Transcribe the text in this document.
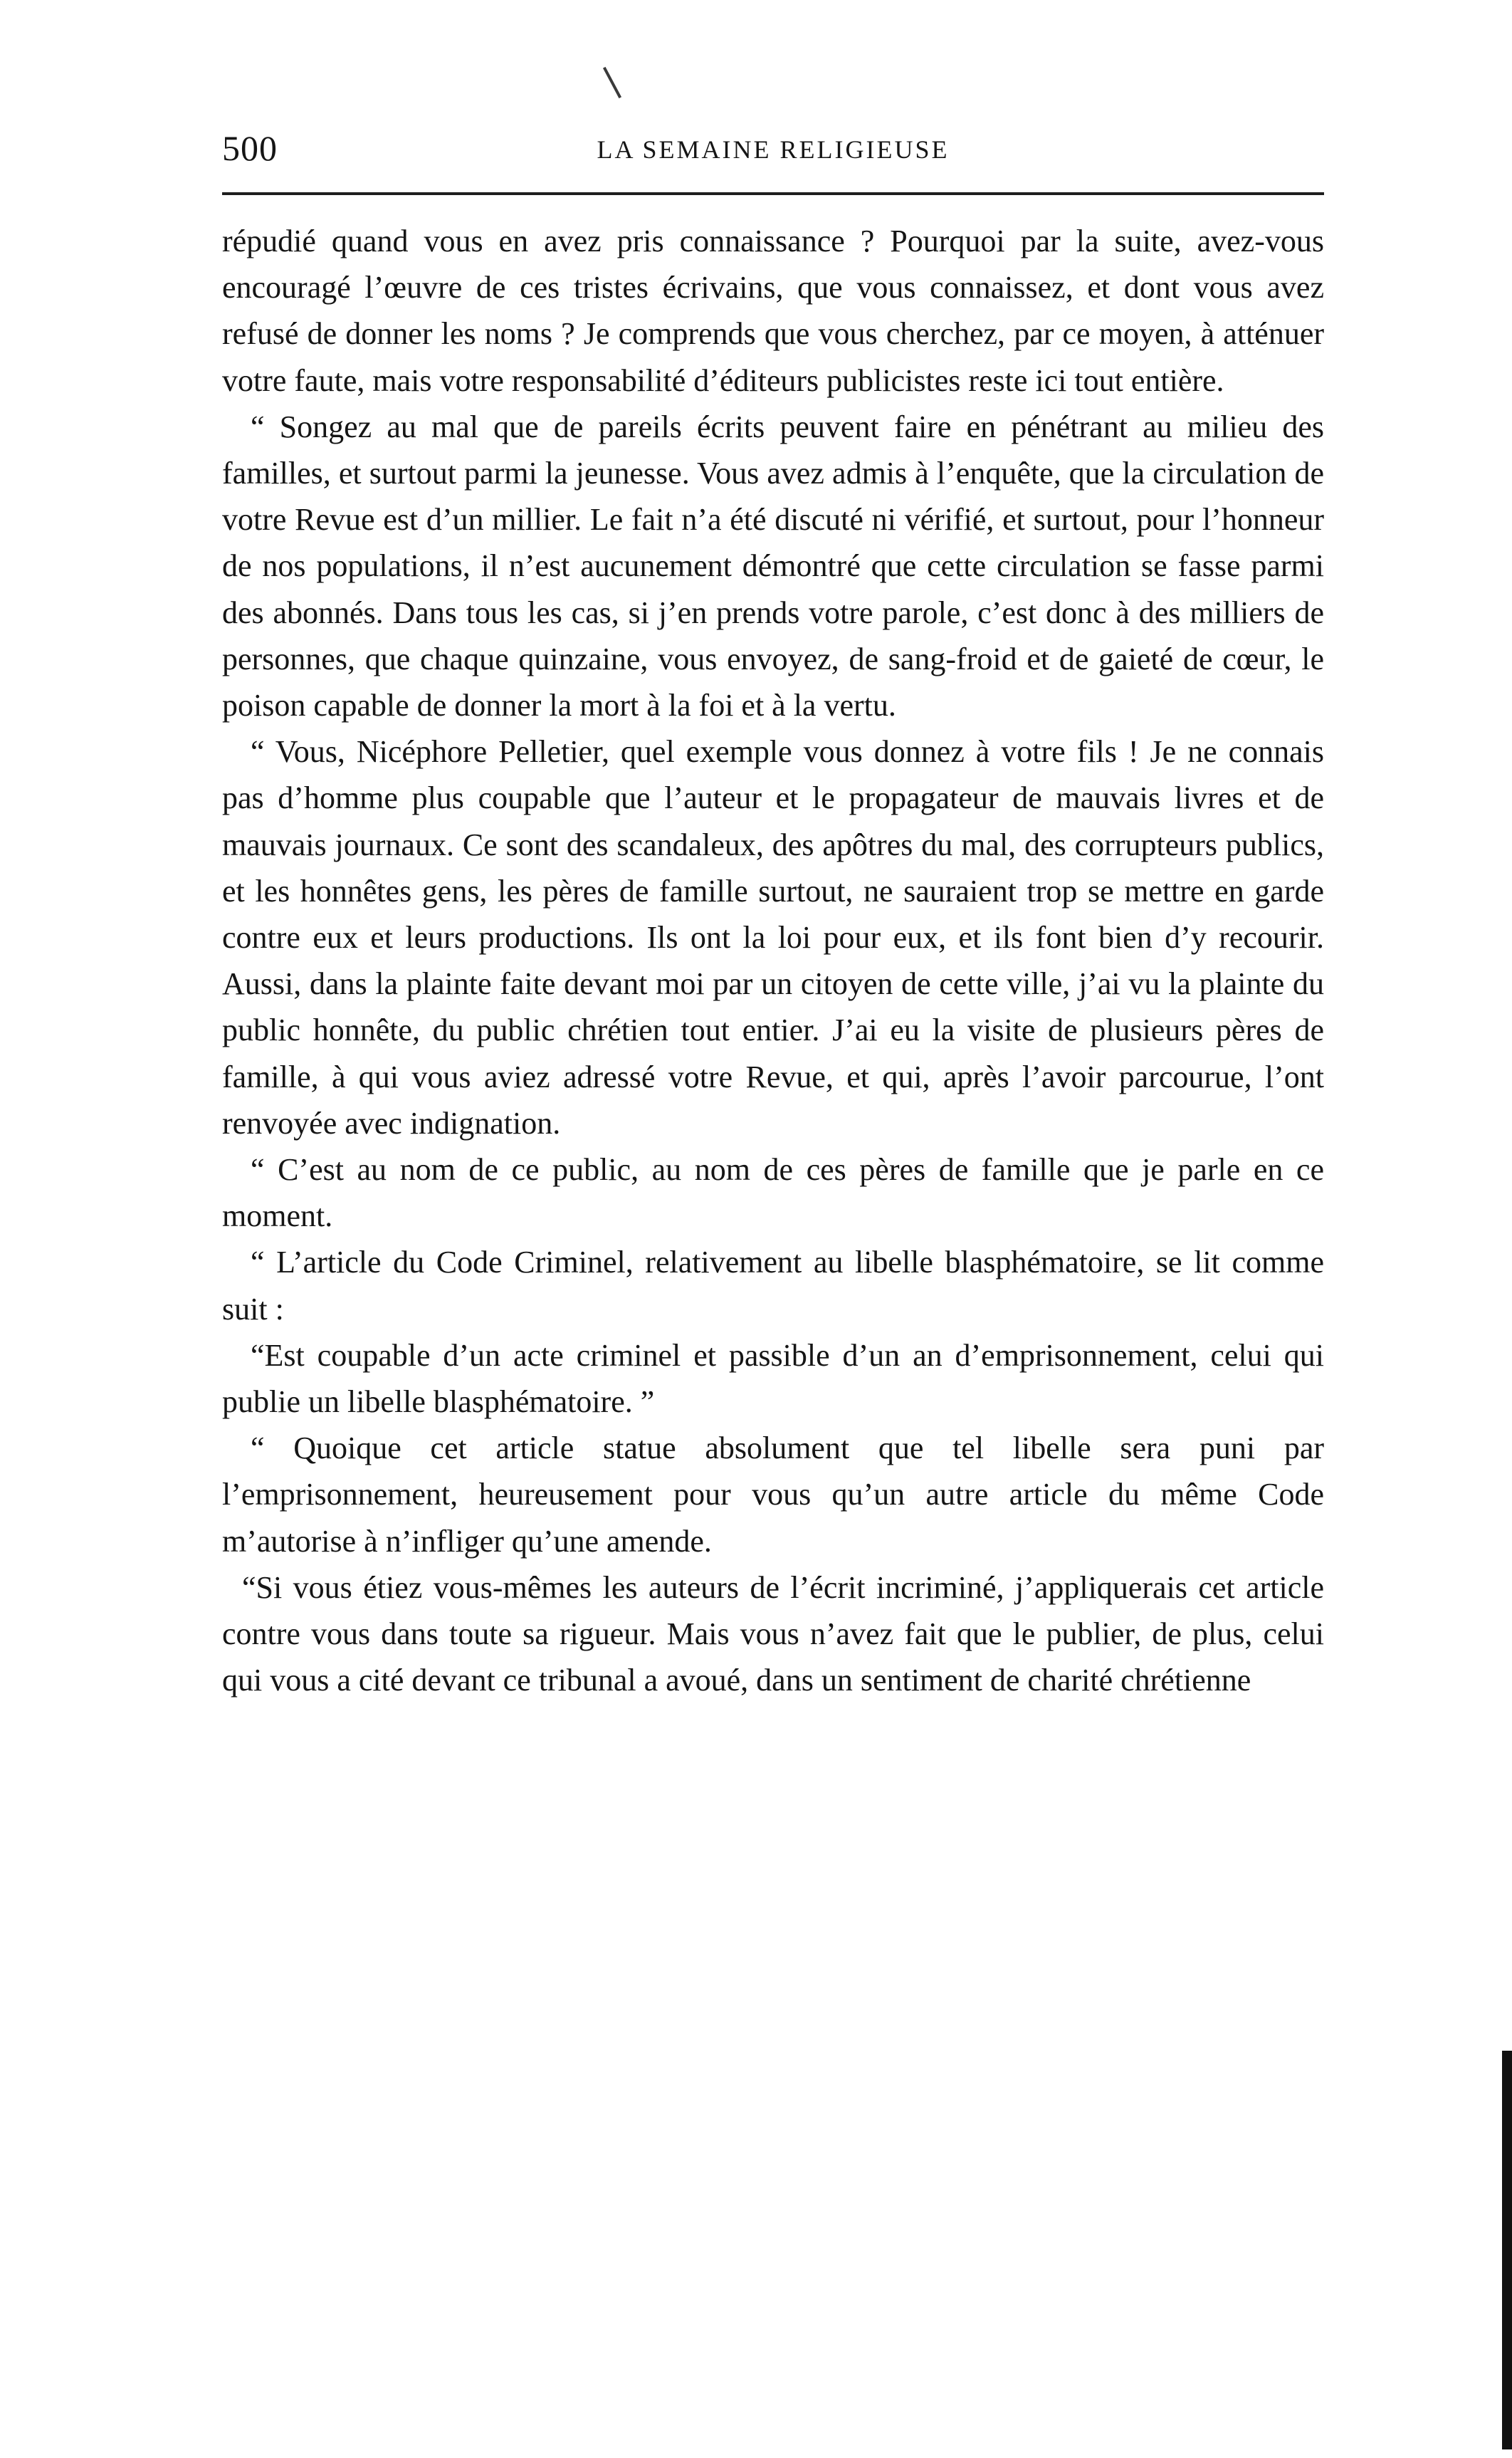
500	LA SEMAINE RELIGIEUSE

répudié quand vous en avez pris connaissance ? Pourquoi par la suite, avez-vous encouragé l’œuvre de ces tristes écrivains, que vous connaissez, et dont vous avez refusé de donner les noms ? Je comprends que vous cherchez, par ce moyen, à atténuer votre faute, mais votre responsabilité d’éditeurs publicistes reste ici tout entière.

“ Songez au mal que de pareils écrits peuvent faire en pénétrant au milieu des familles, et surtout parmi la jeunesse. Vous avez admis à l’enquête, que la circulation de votre Revue est d’un millier. Le fait n’a été discuté ni vérifié, et surtout, pour l’honneur de nos populations, il n’est aucunement démontré que cette circulation se fasse parmi des abonnés. Dans tous les cas, si j’en prends votre parole, c’est donc à des milliers de personnes, que chaque quinzaine, vous envoyez, de sang-froid et de gaieté de cœur, le poison capable de donner la mort à la foi et à la vertu.

“ Vous, Nicéphore Pelletier, quel exemple vous donnez à votre fils ! Je ne connais pas d’homme plus coupable que l’auteur et le propagateur de mauvais livres et de mauvais journaux. Ce sont des scandaleux, des apôtres du mal, des corrupteurs publics, et les honnêtes gens, les pères de famille surtout, ne sauraient trop se mettre en garde contre eux et leurs productions. Ils ont la loi pour eux, et ils font bien d’y recourir. Aussi, dans la plainte faite devant moi par un citoyen de cette ville, j’ai vu la plainte du public honnête, du public chrétien tout entier. J’ai eu la visite de plusieurs pères de famille, à qui vous aviez adressé votre Revue, et qui, après l’avoir parcourue, l’ont renvoyée avec indignation.

“ C’est au nom de ce public, au nom de ces pères de famille que je parle en ce moment.

“ L’article du Code Criminel, relativement au libelle blasphématoire, se lit comme suit :

“Est coupable d’un acte criminel et passible d’un an d’emprisonnement, celui qui publie un libelle blasphématoire. ”

“ Quoique cet article statue absolument que tel libelle sera puni par l’emprisonnement, heureusement pour vous qu’un autre article du même Code m’autorise à n’infliger qu’une amende.

“Si vous étiez vous-mêmes les auteurs de l’écrit incriminé, j’appliquerais cet article contre vous dans toute sa rigueur. Mais vous n’avez fait que le publier, de plus, celui qui vous a cité devant ce tribunal a avoué, dans un sentiment de charité chrétienne
